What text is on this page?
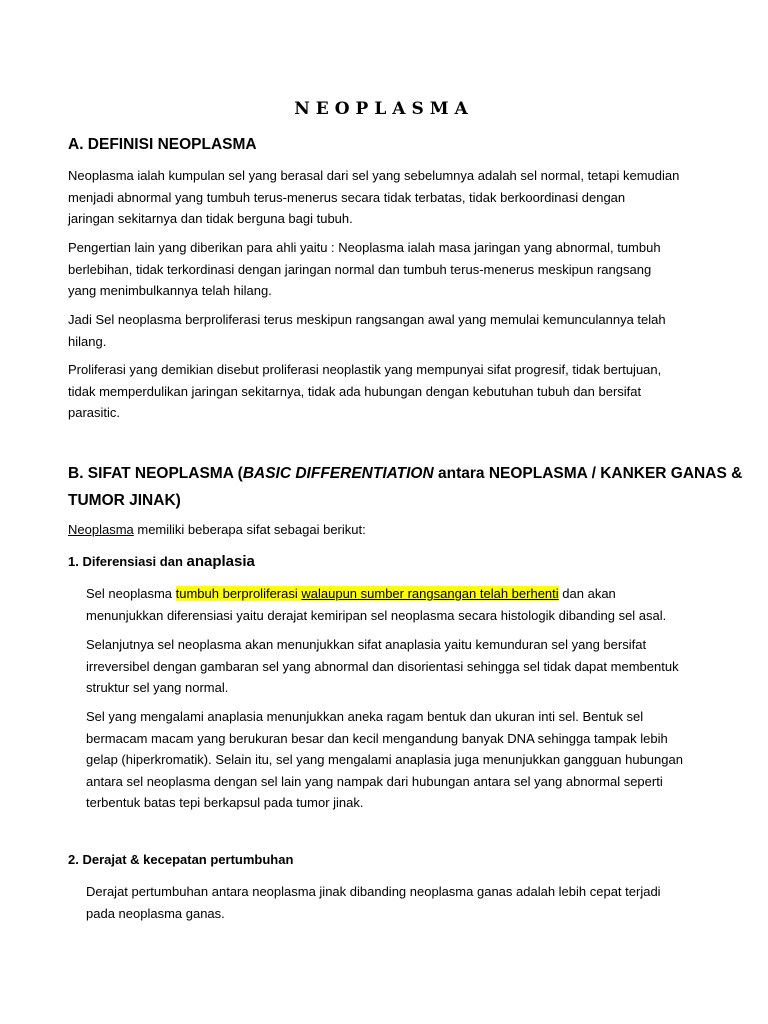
NEOPLASMA
A. DEFINISI NEOPLASMA

Neoplasma ialah kumpulan sel yang berasal dari sel yang sebelumnya adalah sel normal, tetapi kemudian
menjadi abnormal yang tumbuh terus-menerus secara tidak terbatas, tidak berkoordinasi dengan
jaringan sekitarnya dan tidak berguna bagi tubuh.

Pengertian lain yang diberikan para ahli yaitu : Neoplasma ialah masa jaringan yang abnormal, tumbuh
berlebihan, tidak terkordinasi dengan jaringan normal dan tumbuh terus-menerus meskipun rangsang
yang menimbulkannya telah hilang.

Jadi Sel neoplasma berproliferasi terus meskipun rangsangan awal yang memulai kemunculannya telah
hilang.

Proliferasi yang demikian disebut proliferasi neoplastik yang mempunyai sifat progresif, tidak bertujuan,
tidak memperdulikan jaringan sekitarnya, tidak ada hubungan dengan kebutuhan tubuh dan bersifat
parasitic.

B. SIFAT NEOPLASMA (BASIC DIFFERENTIATION antara NEOPLASMA / KANKER GANAS &
TUMOR JINAK)

Neoplasma memiliki beberapa sifat sebagai berikut:

1. Diferensiasi dan anaplasia

Sel neoplasma tumbuh berproliferasi walaupun sumber rangsangan telah berhenti dan akan
menunjukkan diferensiasi yaitu derajat kemiripan sel neoplasma secara histologik dibanding sel asal.

Selanjutnya sel neoplasma akan menunjukkan sifat anaplasia yaitu kemunduran sel yang bersifat
irreversibel dengan gambaran sel yang abnormal dan disorientasi sehingga sel tidak dapat membentuk
struktur sel yang normal.

Sel yang mengalami anaplasia menunjukkan aneka ragam bentuk dan ukuran inti sel. Bentuk sel
bermacam macam yang berukuran besar dan kecil mengandung banyak DNA sehingga tampak lebih
gelap (hiperkromatik). Selain itu, sel yang mengalami anaplasia juga menunjukkan gangguan hubungan
antara sel neoplasma dengan sel lain yang nampak dari hubungan antara sel yang abnormal seperti
terbentuk batas tepi berkapsul pada tumor jinak.

2. Derajat & kecepatan pertumbuhan

Derajat pertumbuhan antara neoplasma jinak dibanding neoplasma ganas adalah lebih cepat terjadi
pada neoplasma ganas.
